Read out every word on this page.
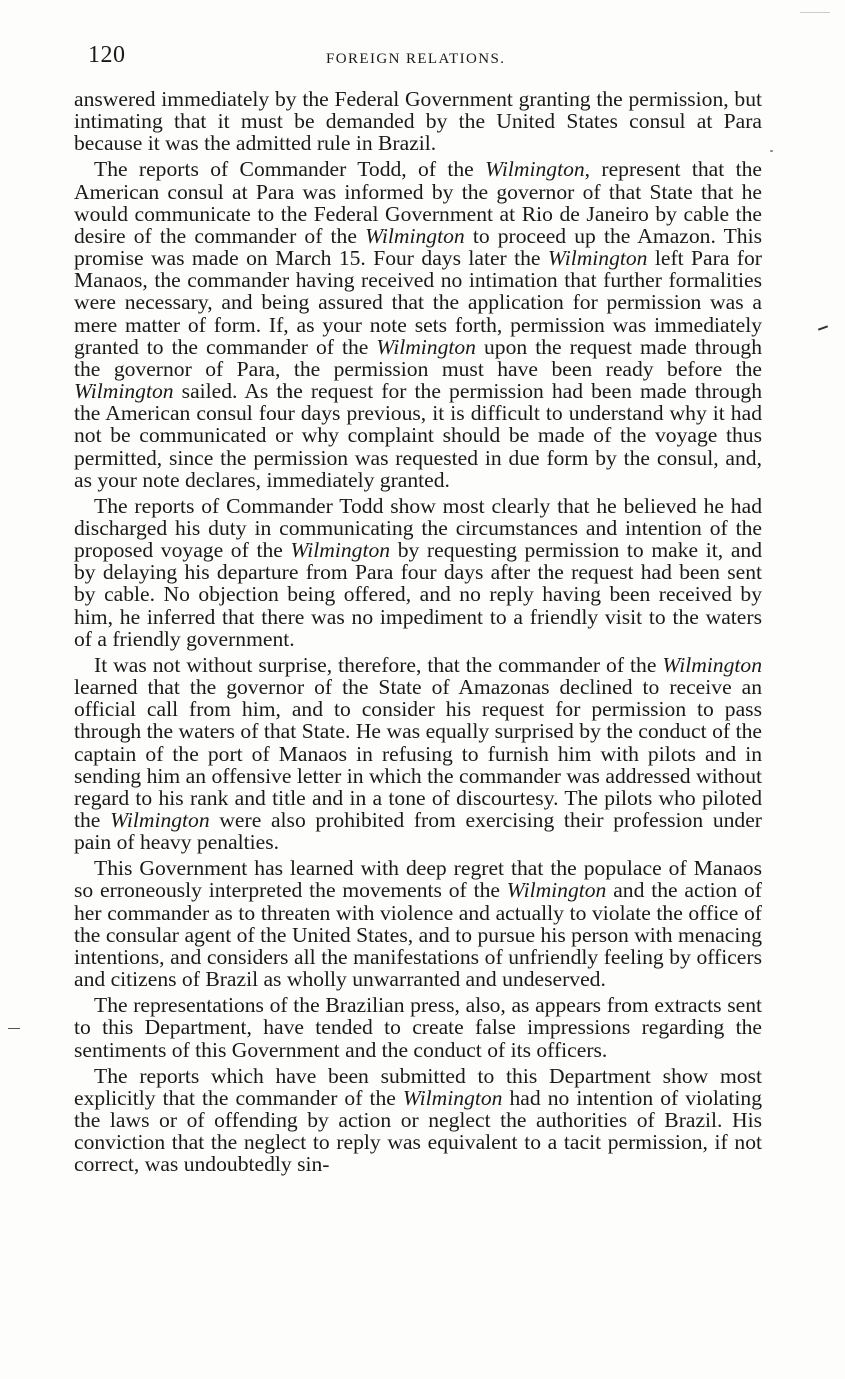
120	FOREIGN RELATIONS.

answered immediately by the Federal Government granting the permission, but intimating that it must be demanded by the United States consul at Para because it was the admitted rule in Brazil.

The reports of Commander Todd, of the Wilmington, represent that the American consul at Para was informed by the governor of that State that he would communicate to the Federal Government at Rio de Janeiro by cable the desire of the commander of the Wilmington to proceed up the Amazon. This promise was made on March 15. Four days later the Wilmington left Para for Manaos, the commander having received no intimation that further formalities were necessary, and being assured that the application for permission was a mere matter of form. If, as your note sets forth, permission was immediately granted to the commander of the Wilmington upon the request made through the governor of Para, the permission must have been ready before the Wilmington sailed. As the request for the permission had been made through the American consul four days previous, it is difficult to understand why it had not be communicated or why complaint should be made of the voyage thus permitted, since the permission was requested in due form by the consul, and, as your note declares, immediately granted.

The reports of Commander Todd show most clearly that he believed he had discharged his duty in communicating the circumstances and intention of the proposed voyage of the Wilmington by requesting permission to make it, and by delaying his departure from Para four days after the request had been sent by cable. No objection being offered, and no reply having been received by him, he inferred that there was no impediment to a friendly visit to the waters of a friendly government.

It was not without surprise, therefore, that the commander of the Wilmington learned that the governor of the State of Amazonas declined to receive an official call from him, and to consider his request for permission to pass through the waters of that State. He was equally surprised by the conduct of the captain of the port of Manaos in refusing to furnish him with pilots and in sending him an offensive letter in which the commander was addressed without regard to his rank and title and in a tone of discourtesy. The pilots who piloted the Wilmington were also prohibited from exercising their profession under pain of heavy penalties.

This Government has learned with deep regret that the populace of Manaos so erroneously interpreted the movements of the Wilmington and the action of her commander as to threaten with violence and actually to violate the office of the consular agent of the United States, and to pursue his person with menacing intentions, and considers all the manifestations of unfriendly feeling by officers and citizens of Brazil as wholly unwarranted and undeserved.

The representations of the Brazilian press, also, as appears from extracts sent to this Department, have tended to create false impressions regarding the sentiments of this Government and the conduct of its officers.

The reports which have been submitted to this Department show most explicitly that the commander of the Wilmington had no intention of violating the laws or of offending by action or neglect the authorities of Brazil. His conviction that the neglect to reply was equivalent to a tacit permission, if not correct, was undoubtedly sin-
